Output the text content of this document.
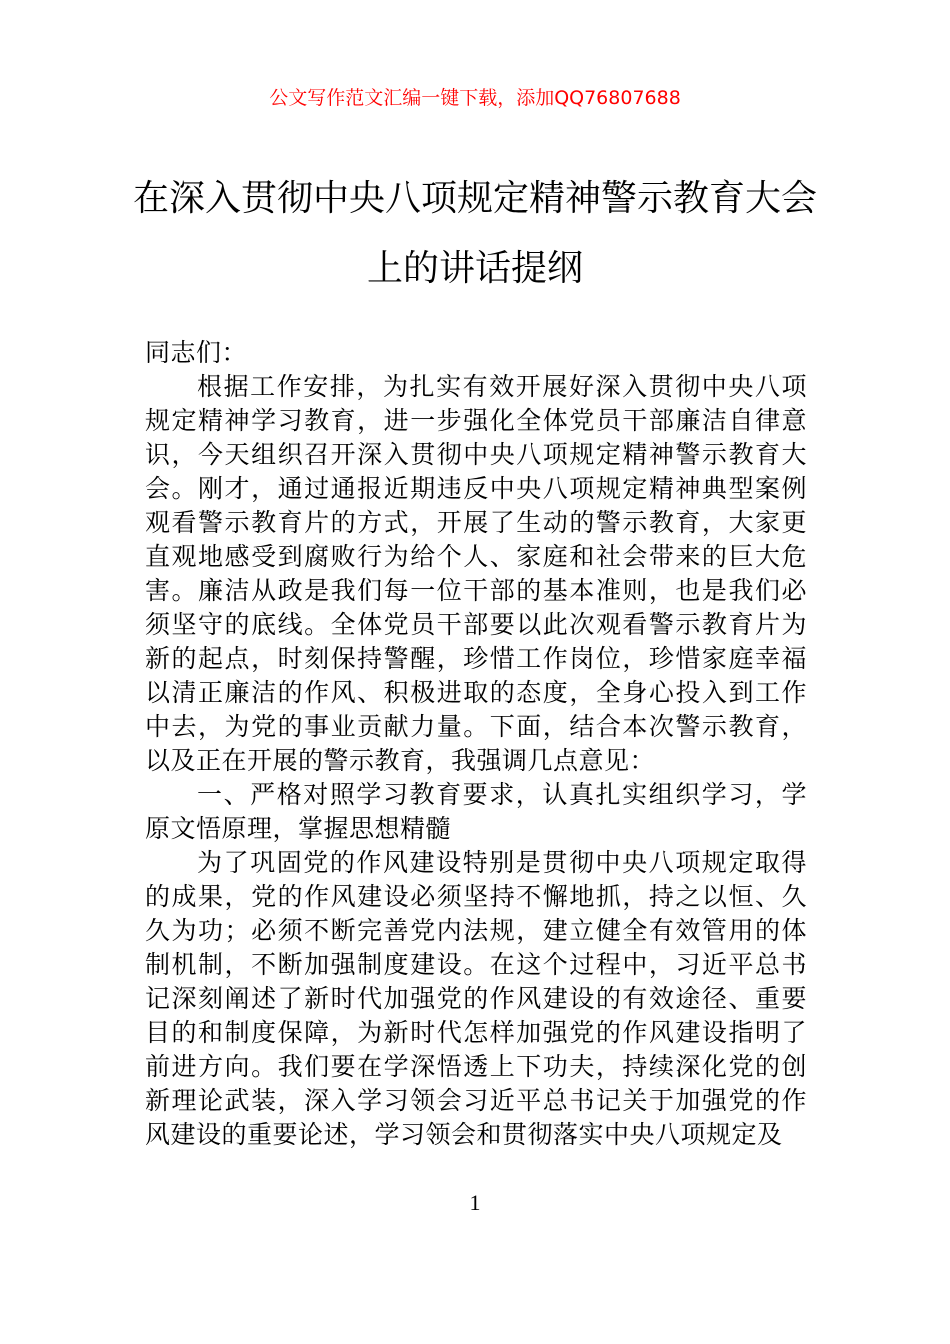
公文写作范文汇编一键下载，添加QQ76807688
在深入贯彻中央八项规定精神警示教育大会上的讲话提纲

同志们：

根据工作安排，为扎实有效开展好深入贯彻中央八项规定精神学习教育，进一步强化全体党员干部廉洁自律意识，今天组织召开深入贯彻中央八项规定精神警示教育大会。刚才，通过通报近期违反中央八项规定精神典型案例观看警示教育片的方式，开展了生动的警示教育，大家更直观地感受到腐败行为给个人、家庭和社会带来的巨大危害。廉洁从政是我们每一位干部的基本准则，也是我们必须坚守的底线。全体党员干部要以此次观看警示教育片为新的起点，时刻保持警醒，珍惜工作岗位，珍惜家庭幸福以清正廉洁的作风、积极进取的态度，全身心投入到工作中去，为党的事业贡献力量。下面，结合本次警示教育，以及正在开展的警示教育，我强调几点意见：

一、严格对照学习教育要求，认真扎实组织学习，学原文悟原理，掌握思想精髓

为了巩固党的作风建设特别是贯彻中央八项规定取得的成果，党的作风建设必须坚持不懈地抓，持之以恒、久久为功；必须不断完善党内法规，建立健全有效管用的体制机制，不断加强制度建设。在这个过程中，习近平总书记深刻阐述了新时代加强党的作风建设的有效途径、重要目的和制度保障，为新时代怎样加强党的作风建设指明了前进方向。我们要在学深悟透上下功夫，持续深化党的创新理论武装，深入学习领会习近平总书记关于加强党的作风建设的重要论述，学习领会和贯彻落实中央八项规定及

1
